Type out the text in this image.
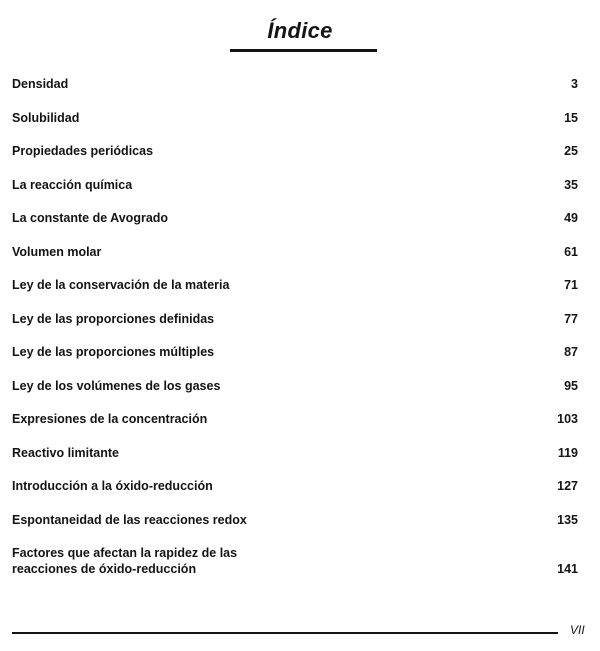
Índice
Densidad	3
Solubilidad	15
Propiedades periódicas	25
La reacción química	35
La constante de Avogrado	49
Volumen molar	61
Ley de la conservación de la materia	71
Ley de las proporciones definidas	77
Ley de las proporciones múltiples	87
Ley de los volúmenes de los gases	95
Expresiones de la concentración	103
Reactivo limitante	119
Introducción a la óxido-reducción	127
Espontaneidad de las reacciones redox	135
Factores que afectan la rapidez de las
reacciones de óxido-reducción	141
VII
